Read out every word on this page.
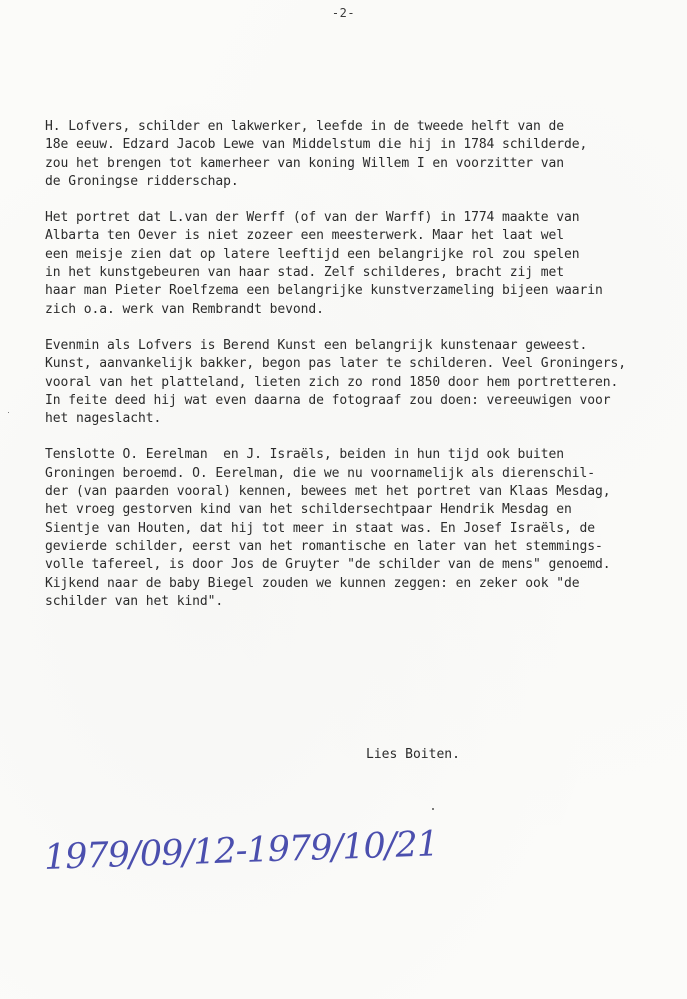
-2-
H. Lofvers, schilder en lakwerker, leefde in de tweede helft van de
18e eeuw. Edzard Jacob Lewe van Middelstum die hij in 1784 schilderde,
zou het brengen tot kamerheer van koning Willem I en voorzitter van
de Groningse ridderschap.
Het portret dat L.van der Werff (of van der Warff) in 1774 maakte van
Albarta ten Oever is niet zozeer een meesterwerk. Maar het laat wel
een meisje zien dat op latere leeftijd een belangrijke rol zou spelen
in het kunstgebeuren van haar stad. Zelf schilderes, bracht zij met
haar man Pieter Roelfzema een belangrijke kunstverzameling bijeen waarin
zich o.a. werk van Rembrandt bevond.
Evenmin als Lofvers is Berend Kunst een belangrijk kunstenaar geweest.
Kunst, aanvankelijk bakker, begon pas later te schilderen. Veel Groningers,
vooral van het platteland, lieten zich zo rond 1850 door hem portretteren.
In feite deed hij wat even daarna de fotograaf zou doen: vereeuwigen voor
het nageslacht.
Tenslotte O. Eerelman  en J. Israëls, beiden in hun tijd ook buiten
Groningen beroemd. O. Eerelman, die we nu voornamelijk als dierenschil-
der (van paarden vooral) kennen, bewees met het portret van Klaas Mesdag,
het vroeg gestorven kind van het schildersechtpaar Hendrik Mesdag en
Sientje van Houten, dat hij tot meer in staat was. En Josef Israëls, de
gevierde schilder, eerst van het romantische en later van het stemmings-
volle tafereel, is door Jos de Gruyter "de schilder van de mens" genoemd.
Kijkend naar de baby Biegel zouden we kunnen zeggen: en zeker ook "de
schilder van het kind".
Lies Boiten.
1979/09/12-1979/10/21
